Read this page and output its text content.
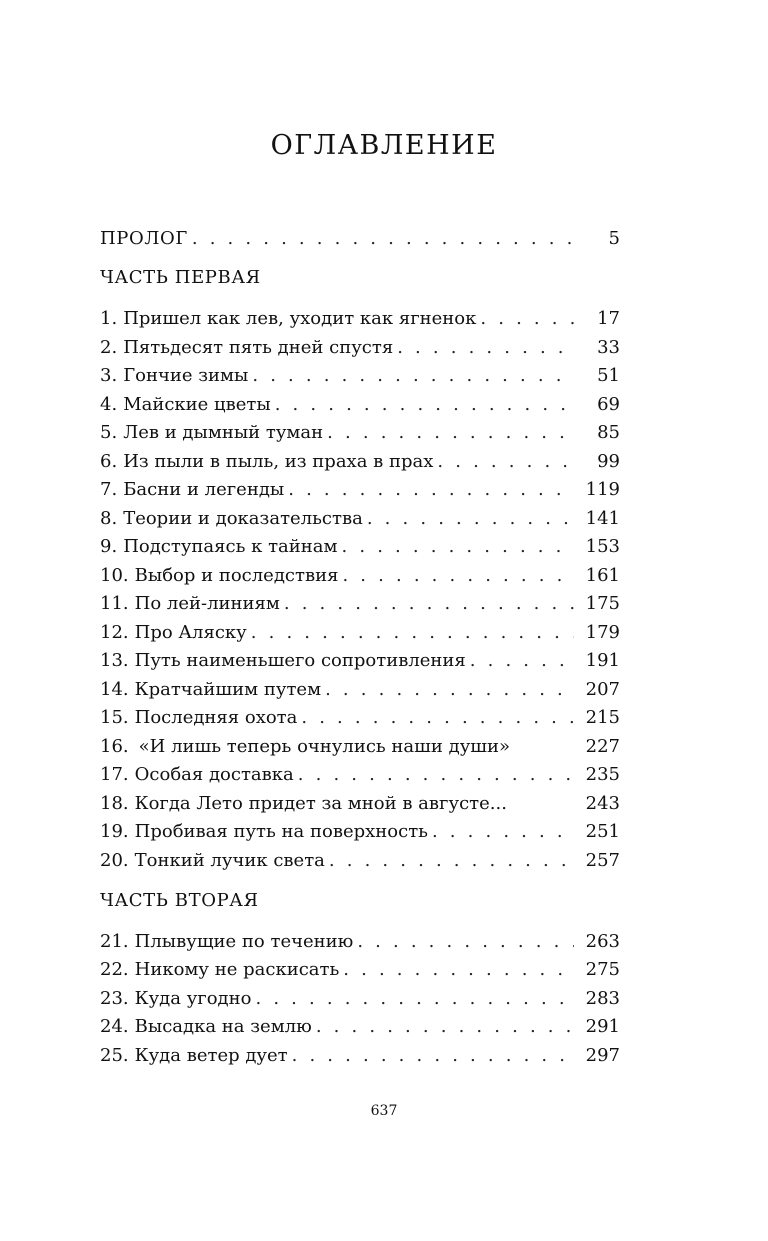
ОГЛАВЛЕНИЕ
ПРОЛОГ . . .	5
ЧАСТЬ ПЕРВАЯ
1. Пришел как лев, уходит как ягненок . . .	17
2. Пятьдесят пять дней спустя . . .	33
3. Гончие зимы . . .	51
4. Майские цветы . . .	69
5. Лев и дымный туман . . .	85
6. Из пыли в пыль, из праха в прах . . .	99
7. Басни и легенды . . .	119
8. Теории и доказательства . . .	141
9. Подступаясь к тайнам . . .	153
10. Выбор и последствия . . .	161
11. По лей-линиям . . .	175
12. Про Аляску . . .	179
13. Путь наименьшего сопротивления . . .	191
14. Кратчайшим путем . . .	207
15. Последняя охота . . .	215
16. «И лишь теперь очнулись наши души»	227
17. Особая доставка . . .	235
18. Когда Лето придет за мной в августе...	243
19. Пробивая путь на поверхность . . .	251
20. Тонкий лучик света . . .	257
ЧАСТЬ ВТОРАЯ
21. Плывущие по течению . . .	263
22. Никому не раскисать . . .	275
23. Куда угодно . . .	283
24. Высадка на землю . . .	291
25. Куда ветер дует . . .	297
637
